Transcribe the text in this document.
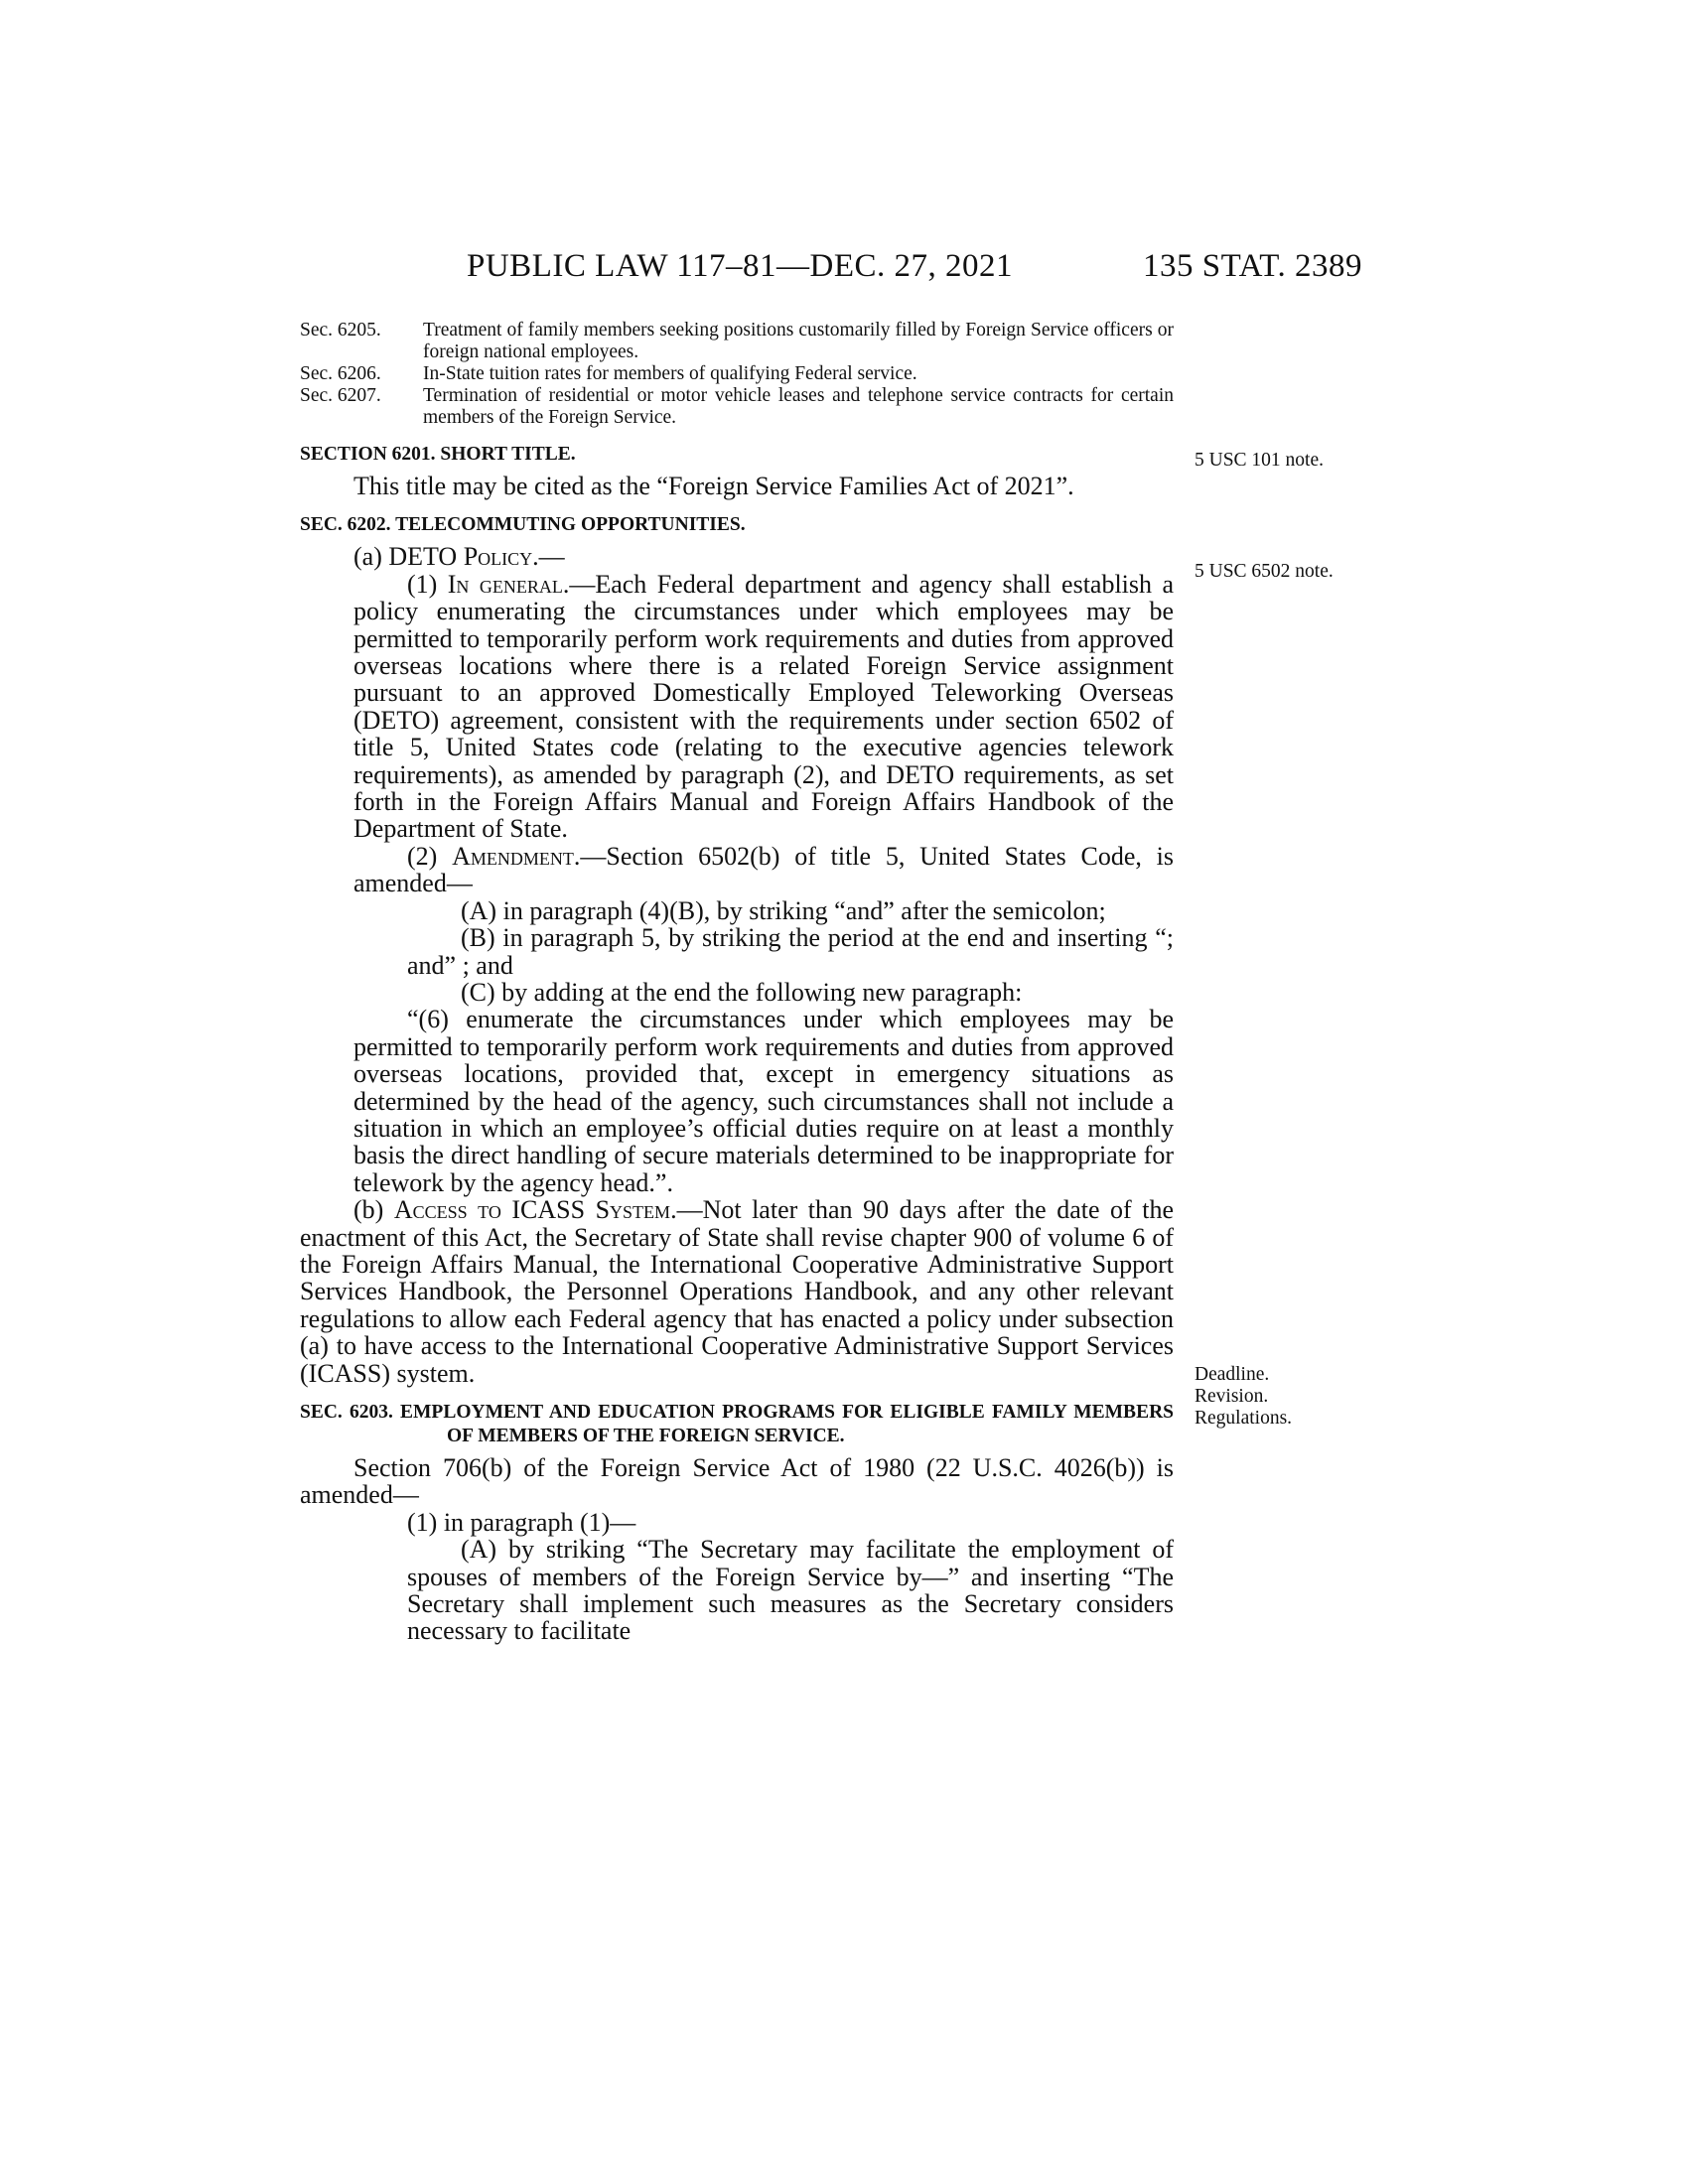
PUBLIC LAW 117–81—DEC. 27, 2021	135 STAT. 2389
5 USC 101 note.
5 USC 6502 note.
Deadline.
Revision.
Regulations.
Sec. 6205. Treatment of family members seeking positions customarily filled by Foreign Service officers or foreign national employees.
Sec. 6206. In-State tuition rates for members of qualifying Federal service.
Sec. 6207. Termination of residential or motor vehicle leases and telephone service contracts for certain members of the Foreign Service.
SECTION 6201. SHORT TITLE.

This title may be cited as the “Foreign Service Families Act of 2021”.

SEC. 6202. TELECOMMUTING OPPORTUNITIES.

(a) DETO Policy.—

(1) In general.—Each Federal department and agency shall establish a policy enumerating the circumstances under which employees may be permitted to temporarily perform work requirements and duties from approved overseas locations where there is a related Foreign Service assignment pursuant to an approved Domestically Employed Teleworking Overseas (DETO) agreement, consistent with the requirements under section 6502 of title 5, United States code (relating to the executive agencies telework requirements), as amended by paragraph (2), and DETO requirements, as set forth in the Foreign Affairs Manual and Foreign Affairs Handbook of the Department of State.

(2) Amendment.—Section 6502(b) of title 5, United States Code, is amended—

(A) in paragraph (4)(B), by striking “and” after the semicolon;

(B) in paragraph 5, by striking the period at the end and inserting “; and” ; and

(C) by adding at the end the following new paragraph:

“(6) enumerate the circumstances under which employees may be permitted to temporarily perform work requirements and duties from approved overseas locations, provided that, except in emergency situations as determined by the head of the agency, such circumstances shall not include a situation in which an employee’s official duties require on at least a monthly basis the direct handling of secure materials determined to be inappropriate for telework by the agency head.”.

(b) Access to ICASS System.—Not later than 90 days after the date of the enactment of this Act, the Secretary of State shall revise chapter 900 of volume 6 of the Foreign Affairs Manual, the International Cooperative Administrative Support Services Handbook, the Personnel Operations Handbook, and any other relevant regulations to allow each Federal agency that has enacted a policy under subsection (a) to have access to the International Cooperative Administrative Support Services (ICASS) system.

SEC. 6203. EMPLOYMENT AND EDUCATION PROGRAMS FOR ELIGIBLE FAMILY MEMBERS OF MEMBERS OF THE FOREIGN SERVICE.

Section 706(b) of the Foreign Service Act of 1980 (22 U.S.C. 4026(b)) is amended—

(1) in paragraph (1)—

(A) by striking “The Secretary may facilitate the employment of spouses of members of the Foreign Service by—” and inserting “The Secretary shall implement such measures as the Secretary considers necessary to facilitate
